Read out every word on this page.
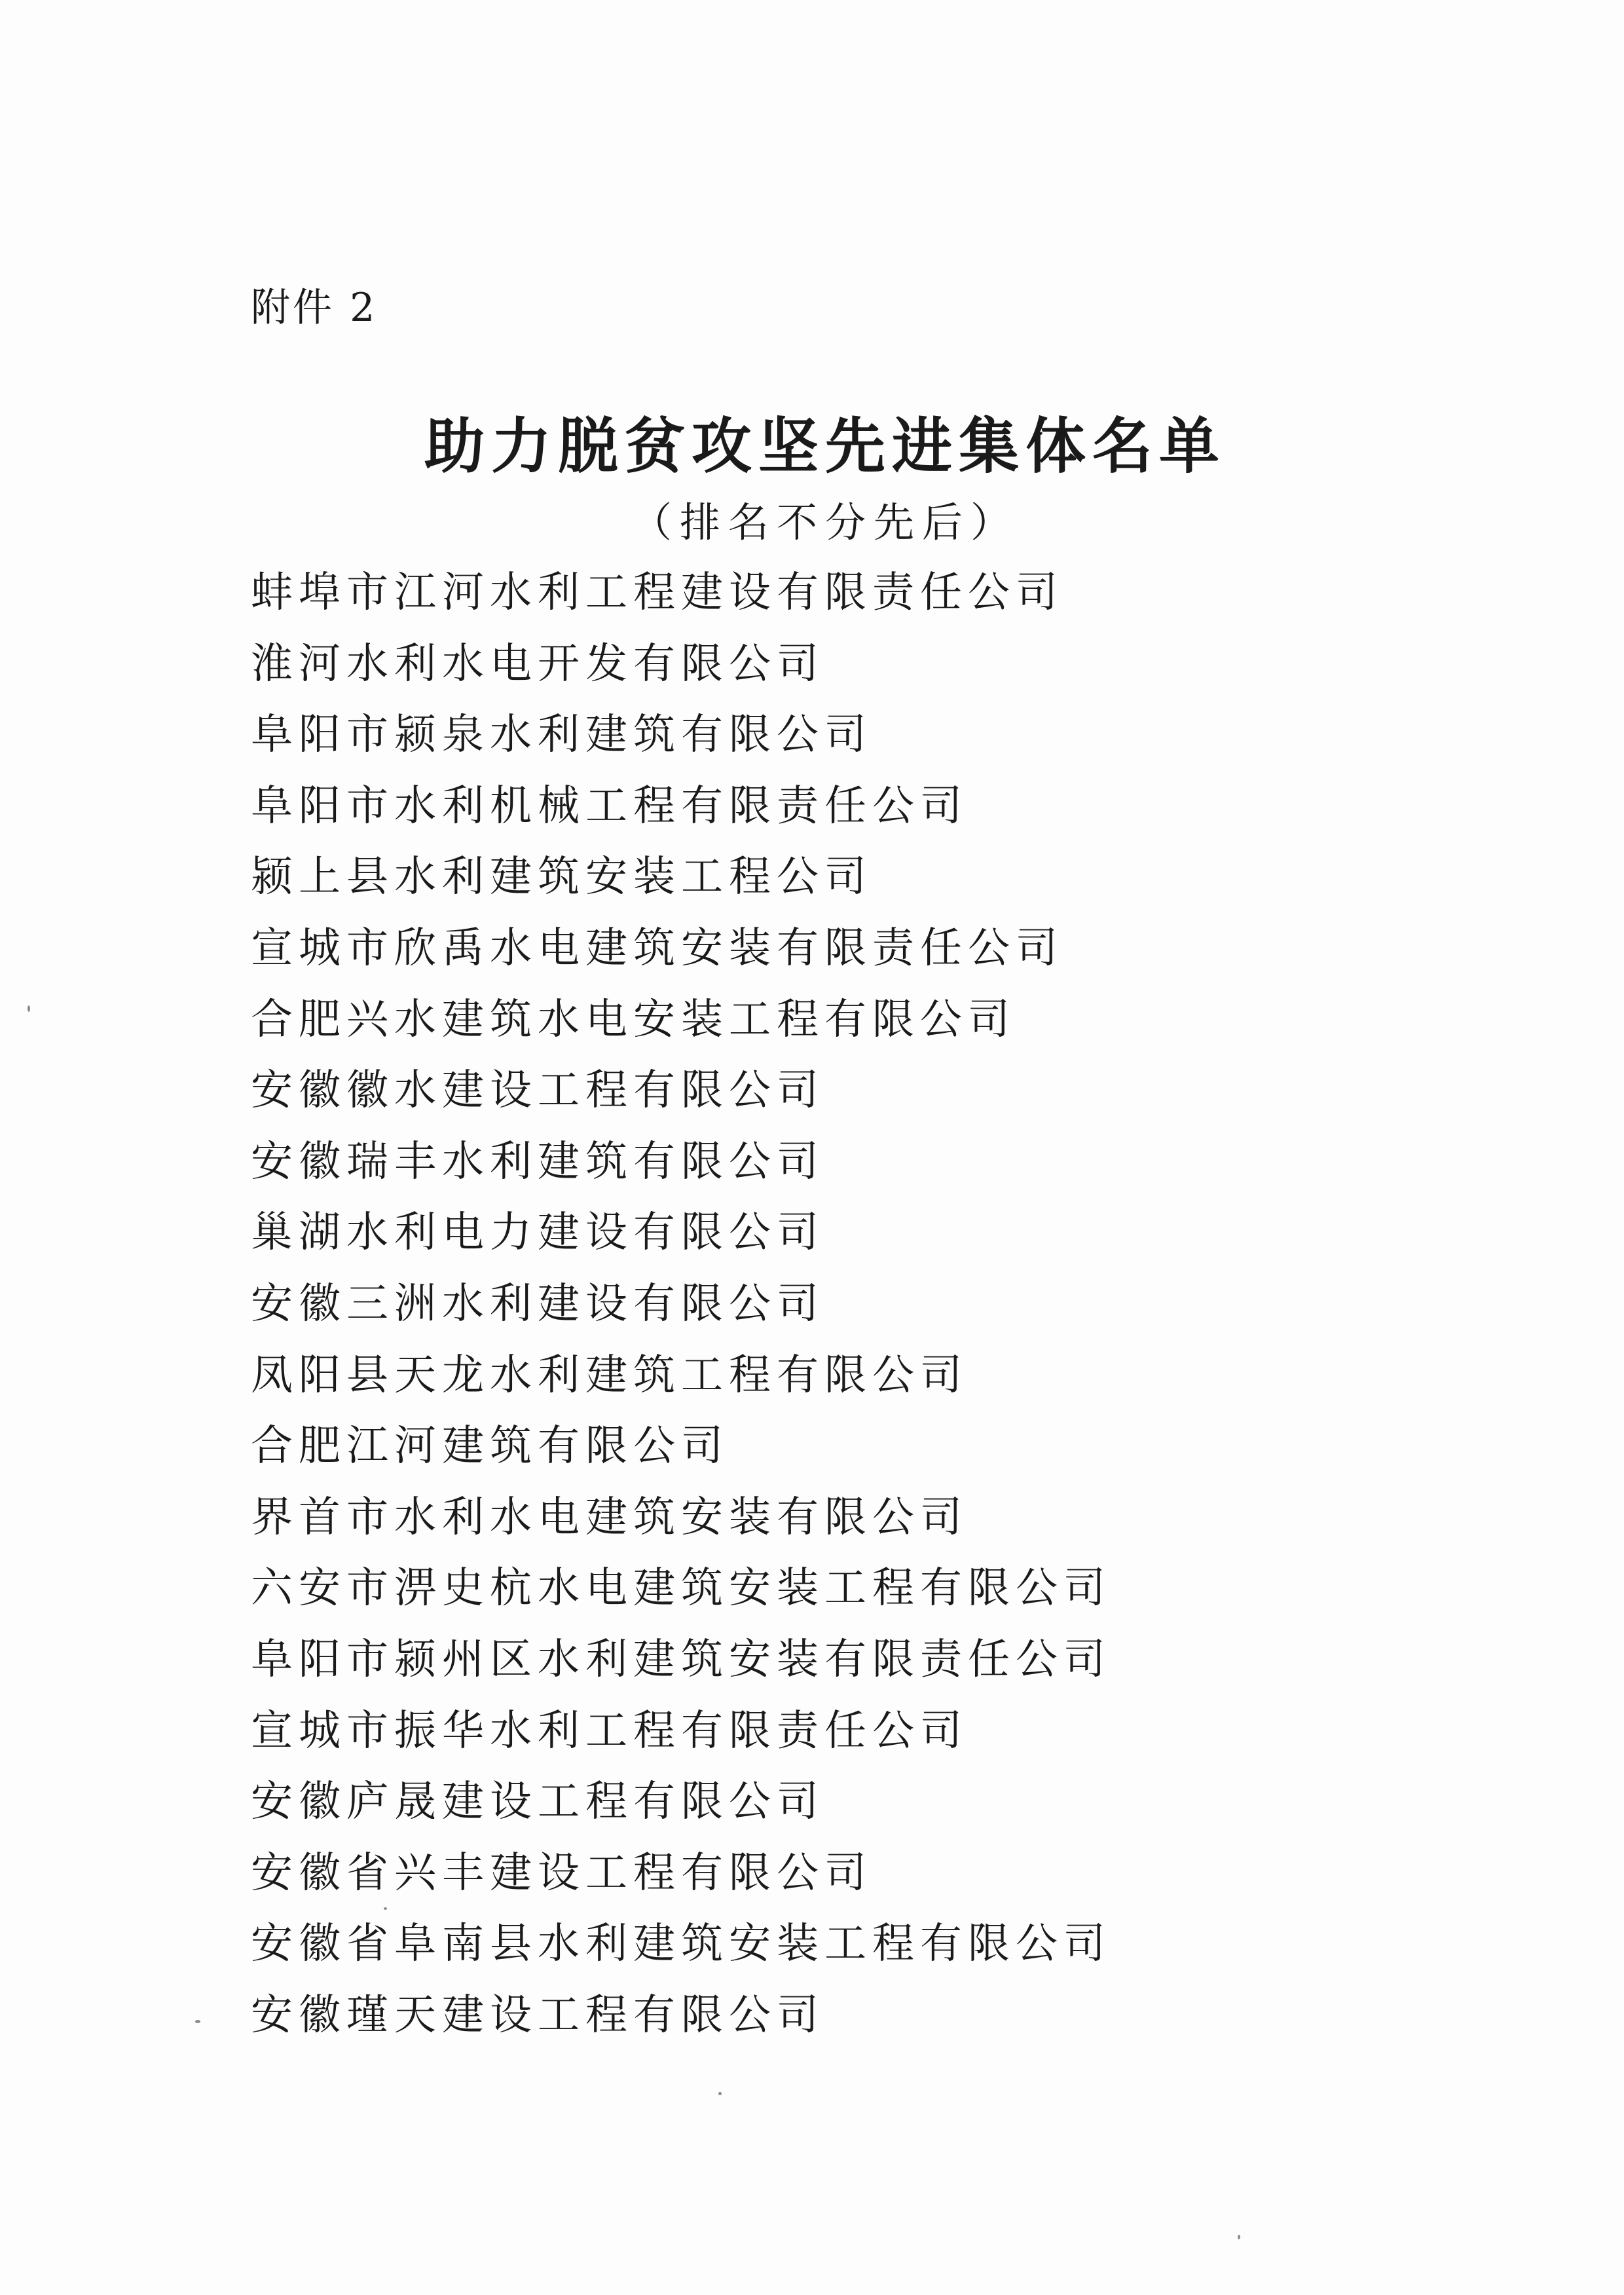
附件 2
助力脱贫攻坚先进集体名单
（排名不分先后）
蚌埠市江河水利工程建设有限责任公司
淮河水利水电开发有限公司
阜阳市颍泉水利建筑有限公司
阜阳市水利机械工程有限责任公司
颍上县水利建筑安装工程公司
宣城市欣禹水电建筑安装有限责任公司
合肥兴水建筑水电安装工程有限公司
安徽徽水建设工程有限公司
安徽瑞丰水利建筑有限公司
巢湖水利电力建设有限公司
安徽三洲水利建设有限公司
凤阳县天龙水利建筑工程有限公司
合肥江河建筑有限公司
界首市水利水电建筑安装有限公司
六安市淠史杭水电建筑安装工程有限公司
阜阳市颍州区水利建筑安装有限责任公司
宣城市振华水利工程有限责任公司
安徽庐晟建设工程有限公司
安徽省兴丰建设工程有限公司
安徽省阜南县水利建筑安装工程有限公司
安徽瑾天建设工程有限公司
